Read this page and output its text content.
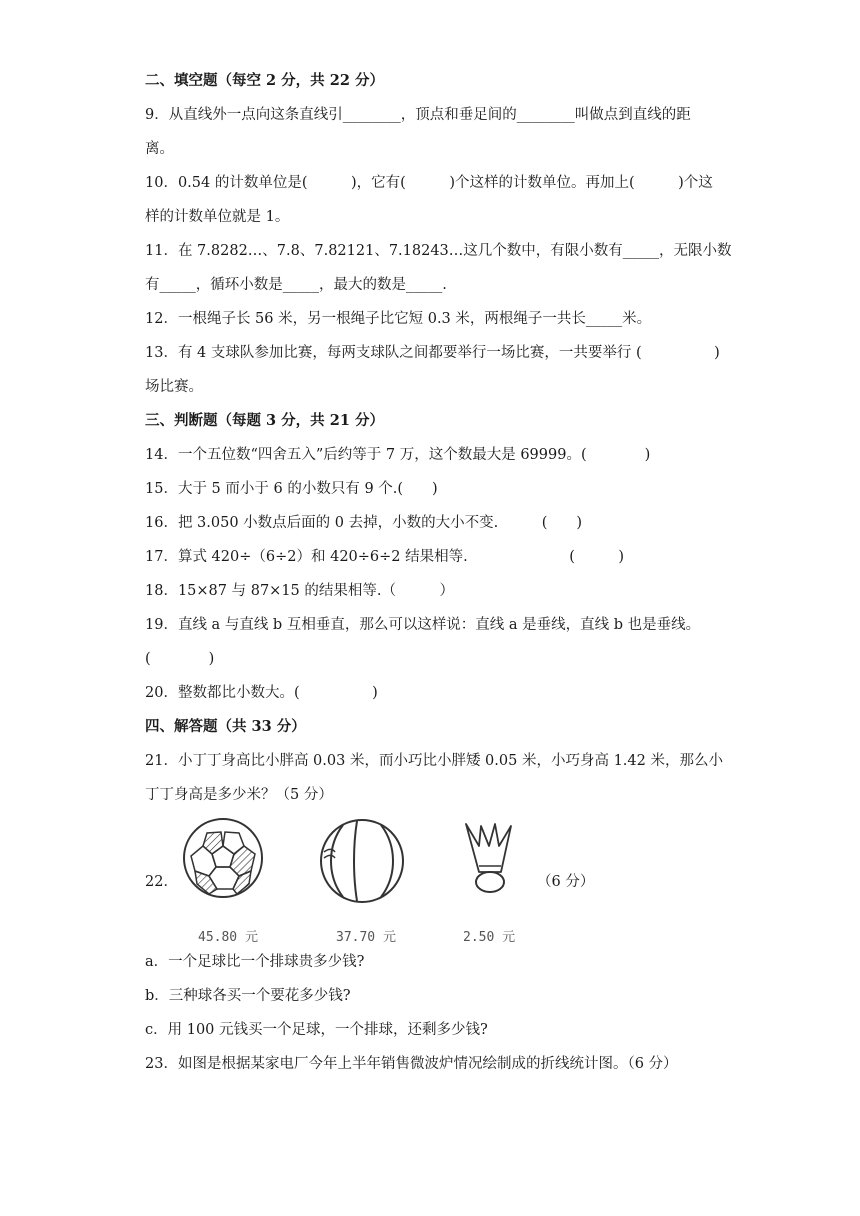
二、填空题（每空 2 分，共 22 分）
9．从直线外一点向这条直线引________，顶点和垂足间的________叫做点到直线的距
离。
10．0.54 的计数单位是(　　　)，它有(　　　)个这样的计数单位。再加上(　　　)个这
样的计数单位就是 1。
11．在 7.8282…、7.8、7.82121、7.18243…这几个数中，有限小数有_____，无限小数
有_____，循环小数是_____，最大的数是_____.
12．一根绳子长 56 米，另一根绳子比它短 0.3 米，两根绳子一共长_____米。
13．有 4 支球队参加比赛，每两支球队之间都要举行一场比赛，一共要举行 (　　　　　)
场比赛。
三、判断题（每题 3 分，共 21 分）
14．一个五位数“四舍五入”后约等于 7 万，这个数最大是 69999。(　　　　)
15．大于 5 而小于 6 的小数只有 9 个.(　　)
16．把 3.050 小数点后面的 0 去掉，小数的大小不变.　　　(　　)
17．算式 420÷（6÷2）和 420÷6÷2 结果相等.　　　　　　　(　　　)
18．15×87 与 87×15 的结果相等.（　　　）
19．直线 a 与直线 b 互相垂直，那么可以这样说：直线 a 是垂线，直线 b 也是垂线。
(　　　　)
20．整数都比小数大。(　　　　　)
四、解答题（共 33 分）
21．小丁丁身高比小胖高 0.03 米，而小巧比小胖矮 0.05 米，小巧身高 1.42 米，那么小
丁丁身高是多少米？（5 分）
22．	（6 分）
45.80 元	37.70 元	2.50 元
a．一个足球比一个排球贵多少钱?
b．三种球各买一个要花多少钱?
c．用 100 元钱买一个足球，一个排球，还剩多少钱?
23．如图是根据某家电厂今年上半年销售微波炉情况绘制成的折线统计图。（6 分）
